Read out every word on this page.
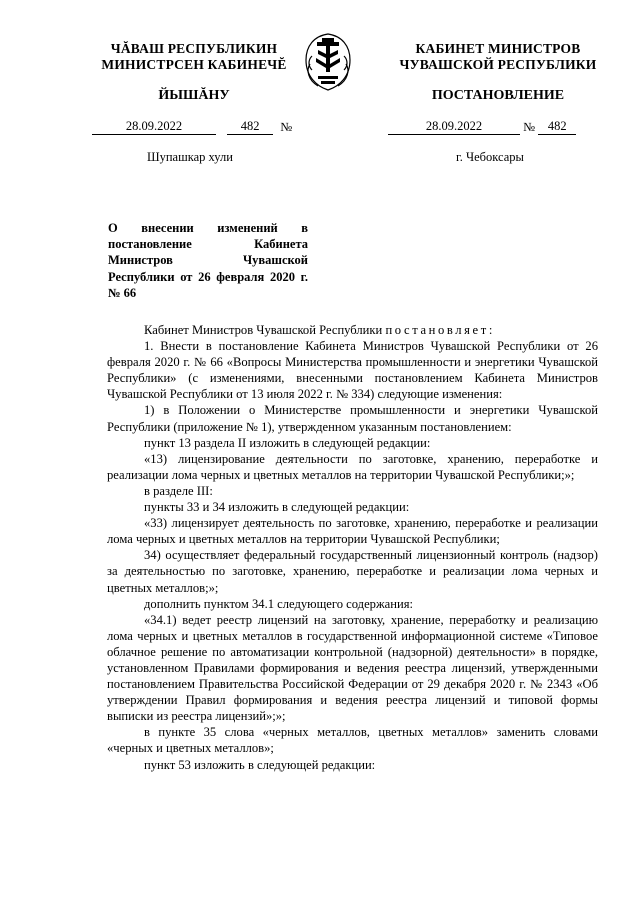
ЧĂВАШ РЕСПУБЛИКИН
МИНИСТРСЕН КАБИНЕЧĔ
КАБИНЕТ МИНИСТРОВ
ЧУВАШСКОЙ РЕСПУБЛИКИ
ЙЫШĂНУ	ПОСТАНОВЛЕНИЕ
28.09.2022	482 №	28.09.2022	№ 482
Шупашкар хули	г. Чебоксары
О внесении изменений в постановление Кабинета Министров Чувашской Республики от 26 февраля 2020 г. № 66

Кабинет Министров Чувашской Республики постановляет:

1. Внести в постановление Кабинета Министров Чувашской Республики от 26 февраля 2020 г. № 66 «Вопросы Министерства промышленности и энергетики Чувашской Республики» (с изменениями, внесенными постановлением Кабинета Министров Чувашской Республики от 13 июля 2022 г. № 334) следующие изменения:

1) в Положении о Министерстве промышленности и энергетики Чувашской Республики (приложение № 1), утвержденном указанным постановлением:

пункт 13 раздела II изложить в следующей редакции:

«13) лицензирование деятельности по заготовке, хранению, переработке и реализации лома черных и цветных металлов на территории Чувашской Республики;»;

в разделе III:

пункты 33 и 34 изложить в следующей редакции:

«33) лицензирует деятельность по заготовке, хранению, переработке и реализации лома черных и цветных металлов на территории Чувашской Республики;

34) осуществляет федеральный государственный лицензионный контроль (надзор) за деятельностью по заготовке, хранению, переработке и реализации лома черных и цветных металлов;»;

дополнить пунктом 34.1 следующего содержания:

«34.1) ведет реестр лицензий на заготовку, хранение, переработку и реализацию лома черных и цветных металлов в государственной информационной системе «Типовое облачное решение по автоматизации контрольной (надзорной) деятельности» в порядке, установленном Правилами формирования и ведения реестра лицензий, утвержденными постановлением Правительства Российской Федерации от 29 декабря 2020 г. № 2343 «Об утверждении Правил формирования и ведения реестра лицензий и типовой формы выписки из реестра лицензий»;»;

в пункте 35 слова «черных металлов, цветных металлов» заменить словами «черных и цветных металлов»;

пункт 53 изложить в следующей редакции:
